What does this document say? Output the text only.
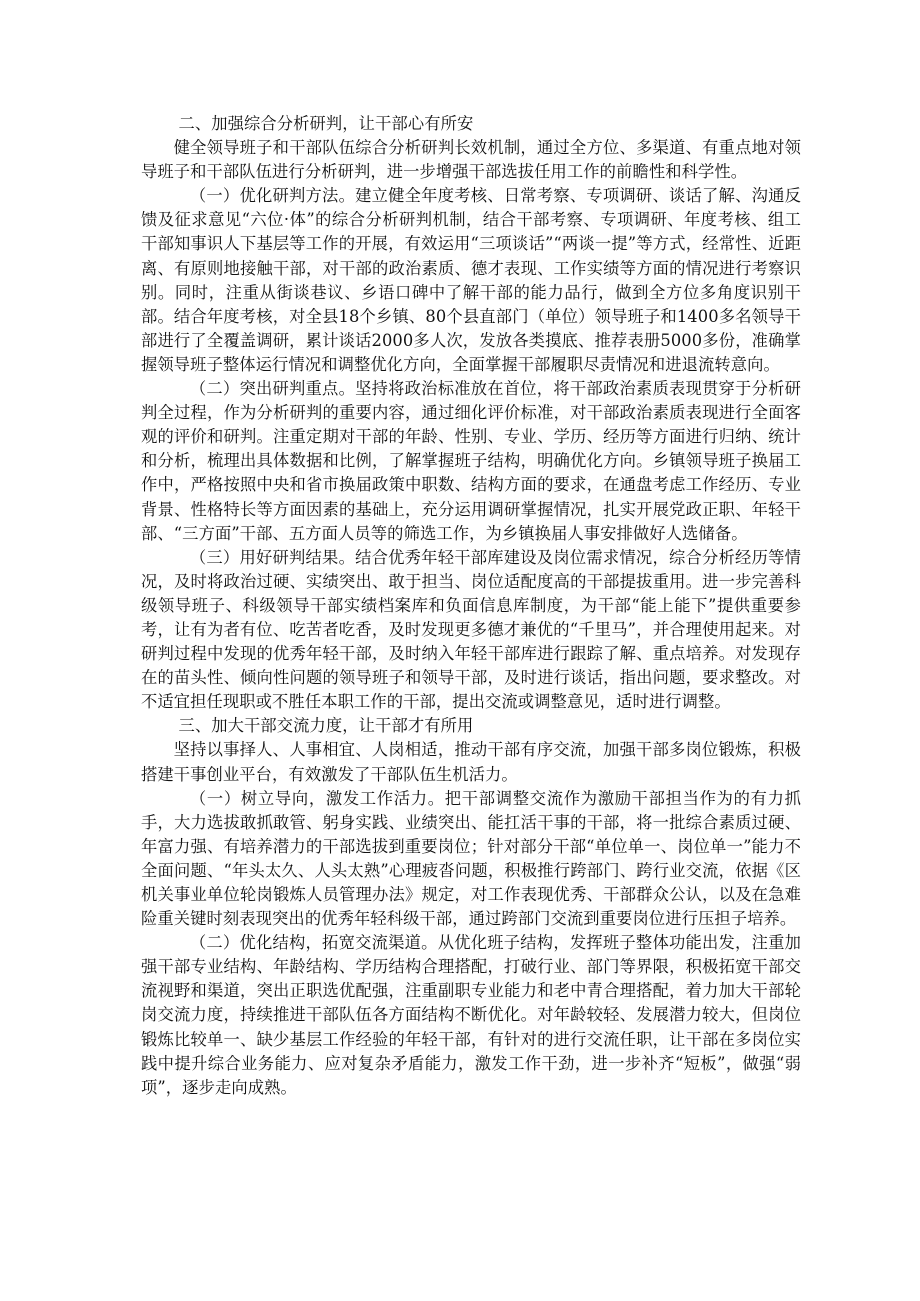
二、加强综合分析研判，让干部心有所安

健全领导班子和干部队伍综合分析研判长效机制，通过全方位、多渠道、有重点地对领导班子和干部队伍进行分析研判，进一步增强干部选拔任用工作的前瞻性和科学性。

（一）优化研判方法。建立健全年度考核、日常考察、专项调研、谈话了解、沟通反馈及征求意见“六位·体”的综合分析研判机制，结合干部考察、专项调研、年度考核、组工干部知事识人下基层等工作的开展，有效运用“三项谈话”“两谈一提”等方式，经常性、近距离、有原则地接触干部，对干部的政治素质、德才表现、工作实绩等方面的情况进行考察识别。同时，注重从街谈巷议、乡语口碑中了解干部的能力品行，做到全方位多角度识别干部。结合年度考核，对全县18个乡镇、80个县直部门（单位）领导班子和1400多名领导干部进行了全覆盖调研，累计谈话2000多人次，发放各类摸底、推荐表册5000多份，准确掌握领导班子整体运行情况和调整优化方向，全面掌握干部履职尽责情况和进退流转意向。

（二）突出研判重点。坚持将政治标准放在首位，将干部政治素质表现贯穿于分析研判全过程，作为分析研判的重要内容，通过细化评价标准，对干部政治素质表现进行全面客观的评价和研判。注重定期对干部的年龄、性别、专业、学历、经历等方面进行归纳、统计和分析，梳理出具体数据和比例，了解掌握班子结构，明确优化方向。乡镇领导班子换届工作中，严格按照中央和省市换届政策中职数、结构方面的要求，在通盘考虑工作经历、专业背景、性格特长等方面因素的基础上，充分运用调研掌握情况，扎实开展党政正职、年轻干部、“三方面”干部、五方面人员等的筛选工作，为乡镇换届人事安排做好人选储备。

（三）用好研判结果。结合优秀年轻干部库建设及岗位需求情况，综合分析经历等情况，及时将政治过硬、实绩突出、敢于担当、岗位适配度高的干部提拔重用。进一步完善科级领导班子、科级领导干部实绩档案库和负面信息库制度，为干部“能上能下”提供重要参考，让有为者有位、吃苦者吃香，及时发现更多德才兼优的“千里马”，并合理使用起来。对研判过程中发现的优秀年轻干部，及时纳入年轻干部库进行跟踪了解、重点培养。对发现存在的苗头性、倾向性问题的领导班子和领导干部，及时进行谈话，指出问题，要求整改。对不适宜担任现职或不胜任本职工作的干部，提出交流或调整意见，适时进行调整。

三、加大干部交流力度，让干部才有所用

坚持以事择人、人事相宜、人岗相适，推动干部有序交流，加强干部多岗位锻炼，积极搭建干事创业平台，有效激发了干部队伍生机活力。

（一）树立导向，激发工作活力。把干部调整交流作为激励干部担当作为的有力抓手，大力选拔敢抓敢管、躬身实践、业绩突出、能扛活干事的干部，将一批综合素质过硬、年富力强、有培养潜力的干部选拔到重要岗位；针对部分干部“单位单一、岗位单一”能力不全面问题、“年头太久、人头太熟”心理疲沓问题，积极推行跨部门、跨行业交流，依据《区机关事业单位轮岗锻炼人员管理办法》规定，对工作表现优秀、干部群众公认，以及在急难险重关键时刻表现突出的优秀年轻科级干部，通过跨部门交流到重要岗位进行压担子培养。

（二）优化结构，拓宽交流渠道。从优化班子结构，发挥班子整体功能出发，注重加强干部专业结构、年龄结构、学历结构合理搭配，打破行业、部门等界限，积极拓宽干部交流视野和渠道，突出正职选优配强，注重副职专业能力和老中青合理搭配，着力加大干部轮岗交流力度，持续推进干部队伍各方面结构不断优化。对年龄较轻、发展潜力较大，但岗位锻炼比较单一、缺少基层工作经验的年轻干部，有针对的进行交流任职，让干部在多岗位实践中提升综合业务能力、应对复杂矛盾能力，激发工作干劲，进一步补齐“短板”，做强“弱项”，逐步走向成熟。
